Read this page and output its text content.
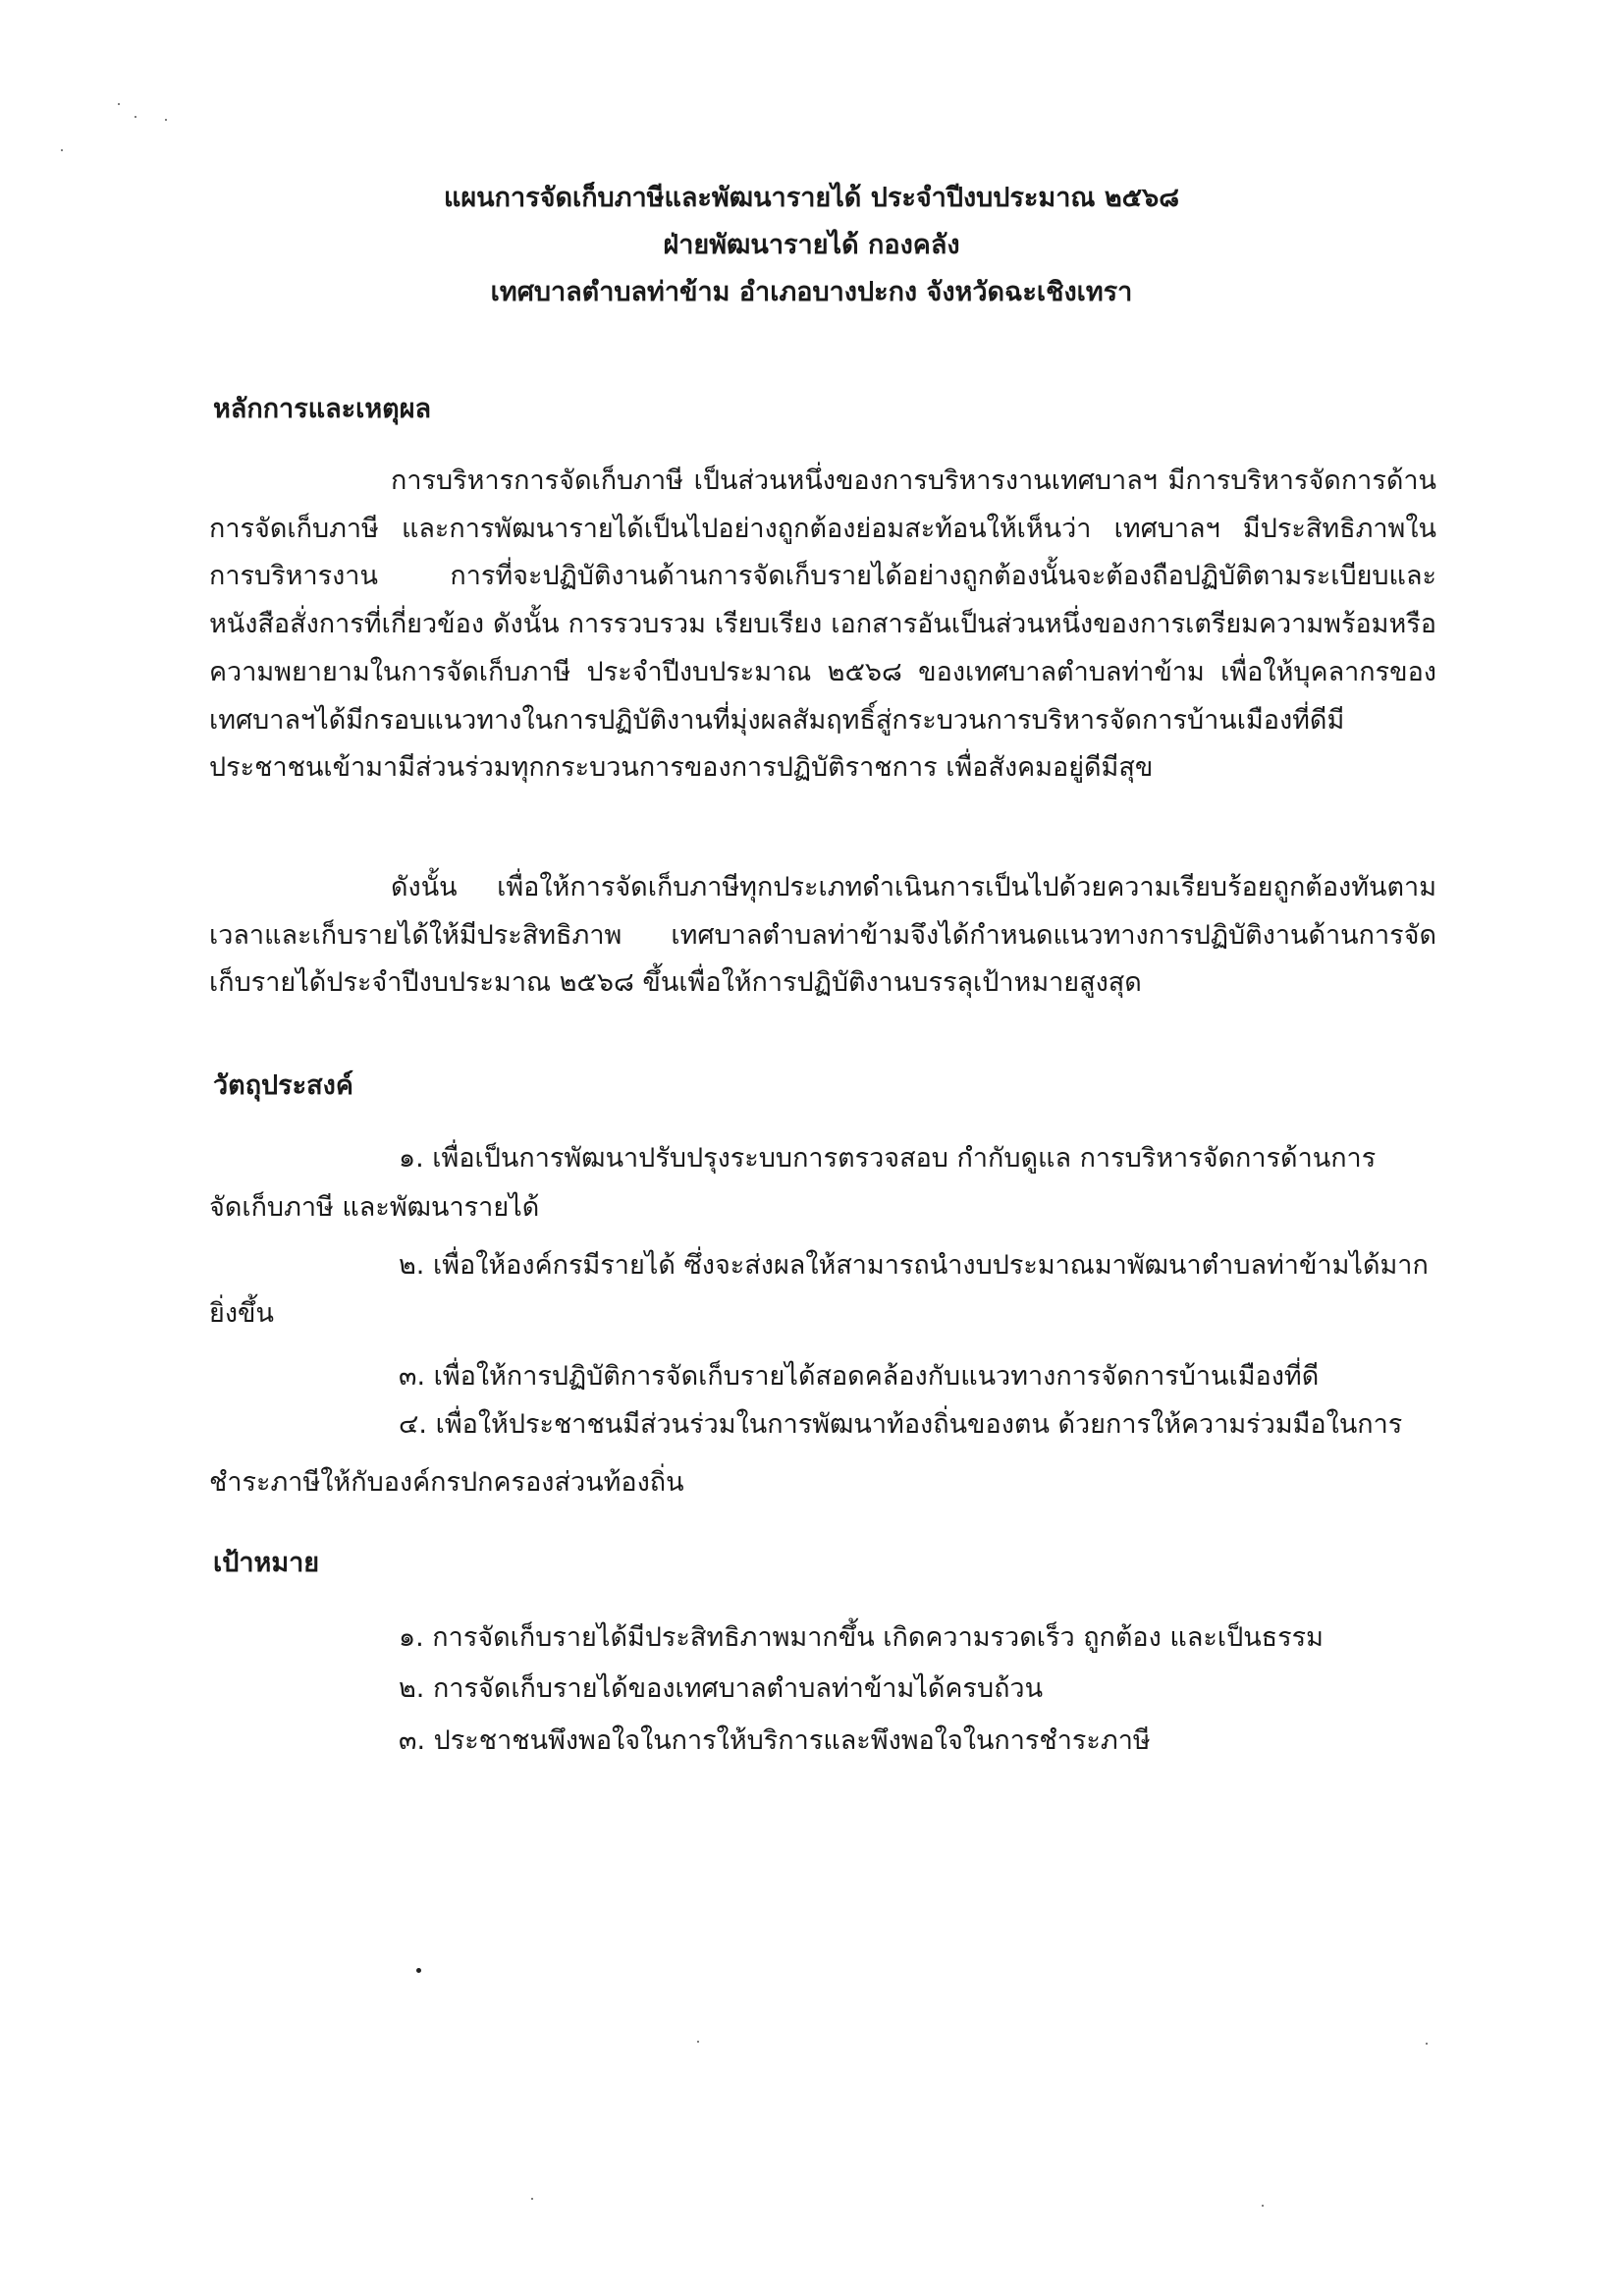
แผนการจัดเก็บภาษีและพัฒนารายได้ ประจำปีงบประมาณ ๒๕๖๘
ฝ่ายพัฒนารายได้ กองคลัง
เทศบาลตำบลท่าข้าม อำเภอบางปะกง จังหวัดฉะเชิงเทรา
หลักการและเหตุผล
การบริหารการจัดเก็บภาษี เป็นส่วนหนึ่งของการบริหารงานเทศบาลฯ มีการบริหารจัดการด้านการจัดเก็บภาษี และการพัฒนารายได้เป็นไปอย่างถูกต้องย่อมสะท้อนให้เห็นว่า เทศบาลฯ มีประสิทธิภาพในการบริหารงาน การที่จะปฏิบัติงานด้านการจัดเก็บรายได้อย่างถูกต้องนั้นจะต้องถือปฏิบัติตามระเบียบและหนังสือสั่งการที่เกี่ยวข้อง ดังนั้น การรวบรวม เรียบเรียง เอกสารอันเป็นส่วนหนึ่งของการเตรียมความพร้อมหรือความพยายามในการจัดเก็บภาษี ประจำปีงบประมาณ ๒๕๖๘ ของเทศบาลตำบลท่าข้าม เพื่อให้บุคลากรของ เทศบาลฯได้มีกรอบแนวทางในการปฏิบัติงานที่มุ่งผลสัมฤทธิ์สู่กระบวนการบริหารจัดการบ้านเมืองที่ดีมีประชาชนเข้ามามีส่วนร่วมทุกกระบวนการของการปฏิบัติราชการ เพื่อสังคมอยู่ดีมีสุข
ดังนั้น เพื่อให้การจัดเก็บภาษีทุกประเภทดำเนินการเป็นไปด้วยความเรียบร้อยถูกต้องทันตามเวลาและเก็บรายได้ให้มีประสิทธิภาพ เทศบาลตำบลท่าข้ามจึงได้กำหนดแนวทางการปฏิบัติงานด้านการจัดเก็บรายได้ประจำปีงบประมาณ ๒๕๖๘ ขึ้นเพื่อให้การปฏิบัติงานบรรลุเป้าหมายสูงสุด
วัตถุประสงค์
๑. เพื่อเป็นการพัฒนาปรับปรุงระบบการตรวจสอบ กำกับดูแล การบริหารจัดการด้านการ
จัดเก็บภาษี และพัฒนารายได้
๒. เพื่อให้องค์กรมีรายได้ ซึ่งจะส่งผลให้สามารถนำงบประมาณมาพัฒนาตำบลท่าข้ามได้มาก
ยิ่งขึ้น
๓. เพื่อให้การปฏิบัติการจัดเก็บรายได้สอดคล้องกับแนวทางการจัดการบ้านเมืองที่ดี
๔. เพื่อให้ประชาชนมีส่วนร่วมในการพัฒนาท้องถิ่นของตน ด้วยการให้ความร่วมมือในการ
ชำระภาษีให้กับองค์กรปกครองส่วนท้องถิ่น
เป้าหมาย
๑. การจัดเก็บรายได้มีประสิทธิภาพมากขึ้น เกิดความรวดเร็ว ถูกต้อง และเป็นธรรม
๒. การจัดเก็บรายได้ของเทศบาลตำบลท่าข้ามได้ครบถ้วน
๓. ประชาชนพึงพอใจในการให้บริการและพึงพอใจในการชำระภาษี
